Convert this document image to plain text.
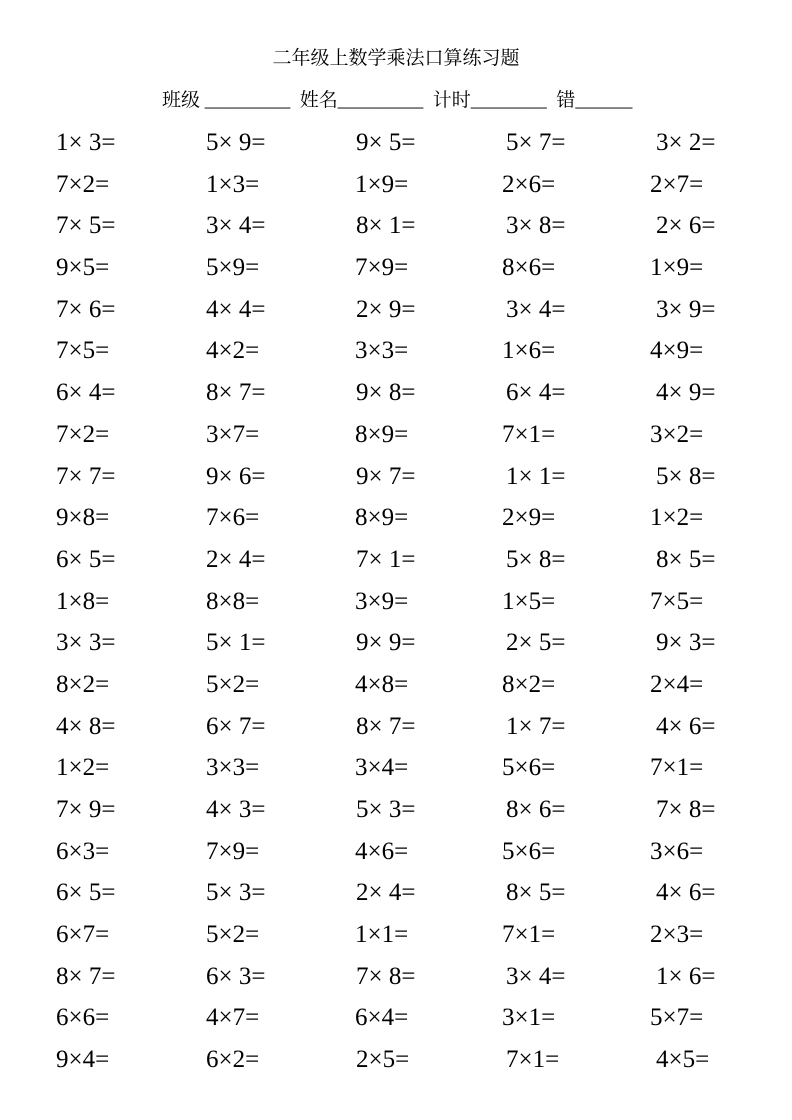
二年级上数学乘法口算练习题
班级 _________ 姓名_________ 计时________ 错______
1× 3=	5× 9=	9× 5=	5× 7=	3× 2=
7×2=	1×3=	1×9=	2×6=	2×7=
7× 5=	3× 4=	8× 1=	3× 8=	2× 6=
9×5=	5×9=	7×9=	8×6=	1×9=
7× 6=	4× 4=	2× 9=	3× 4=	3× 9=
7×5=	4×2=	3×3=	1×6=	4×9=
6× 4=	8× 7=	9× 8=	6× 4=	4× 9=
7×2=	3×7=	8×9=	7×1=	3×2=
7× 7=	9× 6=	9× 7=	1× 1=	5× 8=
9×8=	7×6=	8×9=	2×9=	1×2=
6× 5=	2× 4=	7× 1=	5× 8=	8× 5=
1×8=	8×8=	3×9=	1×5=	7×5=
3× 3=	5× 1=	9× 9=	2× 5=	9× 3=
8×2=	5×2=	4×8=	8×2=	2×4=
4× 8=	6× 7=	8× 7=	1× 7=	4× 6=
1×2=	3×3=	3×4=	5×6=	7×1=
7× 9=	4× 3=	5× 3=	8× 6=	7× 8=
6×3=	7×9=	4×6=	5×6=	3×6=
6× 5=	5× 3=	2× 4=	8× 5=	4× 6=
6×7=	5×2=	1×1=	7×1=	2×3=
8× 7=	6× 3=	7× 8=	3× 4=	1× 6=
6×6=	4×7=	6×4=	3×1=	5×7=
9×4=	6×2=	2×5=	7×1=	4×5=
